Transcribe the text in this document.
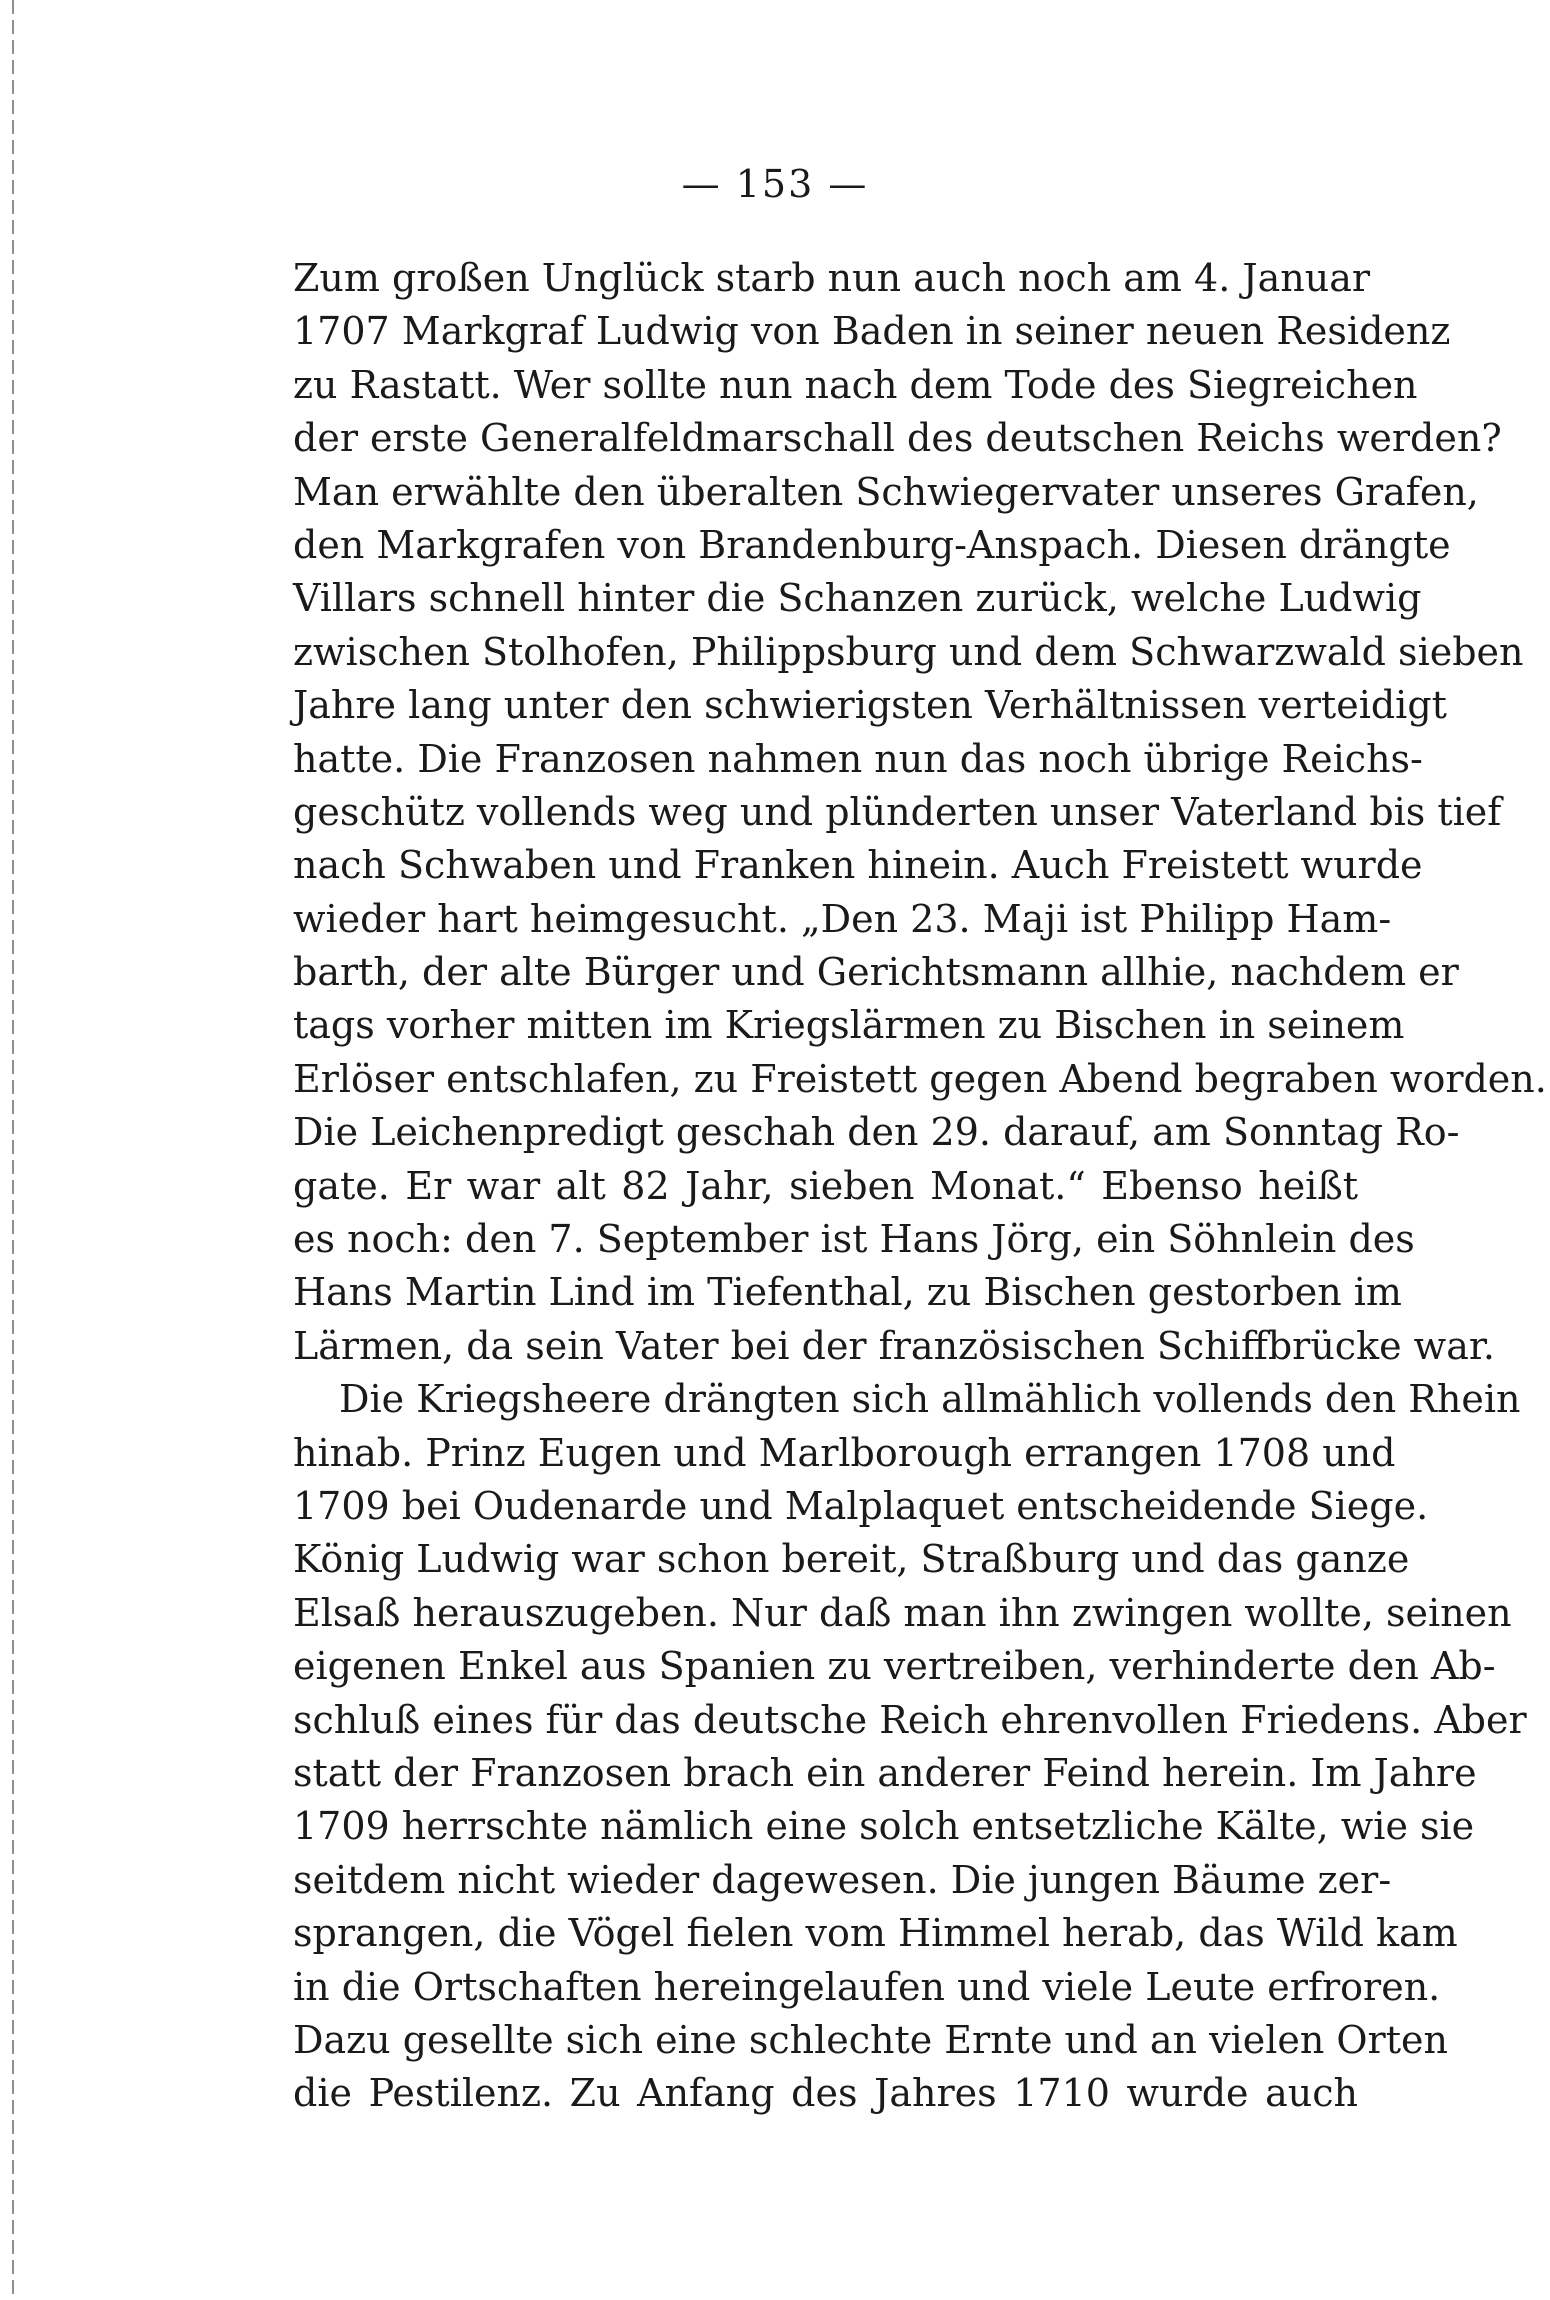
— 153 —
Zum großen Unglück starb nun auch noch am 4. Januar
1707 Markgraf Ludwig von Baden in seiner neuen Residenz
zu Rastatt. Wer sollte nun nach dem Tode des Siegreichen
der erste Generalfeldmarschall des deutschen Reichs werden?
Man erwählte den überalten Schwiegervater unseres Grafen,
den Markgrafen von Brandenburg-Anspach. Diesen drängte
Villars schnell hinter die Schanzen zurück, welche Ludwig
zwischen Stolhofen, Philippsburg und dem Schwarzwald sieben
Jahre lang unter den schwierigsten Verhältnissen verteidigt
hatte. Die Franzosen nahmen nun das noch übrige Reichs-
geschütz vollends weg und plünderten unser Vaterland bis tief
nach Schwaben und Franken hinein. Auch Freistett wurde
wieder hart heimgesucht. „Den 23. Maji ist Philipp Ham-
barth, der alte Bürger und Gerichtsmann allhie, nachdem er
tags vorher mitten im Kriegslärmen zu Bischen in seinem
Erlöser entschlafen, zu Freistett gegen Abend begraben worden.
Die Leichenpredigt geschah den 29. darauf, am Sonntag Ro-
gate. Er war alt 82 Jahr, sieben Monat.“ Ebenso heißt
es noch: den 7. September ist Hans Jörg, ein Söhnlein des
Hans Martin Lind im Tiefenthal, zu Bischen gestorben im
Lärmen, da sein Vater bei der französischen Schiffbrücke war.
Die Kriegsheere drängten sich allmählich vollends den Rhein
hinab. Prinz Eugen und Marlborough errangen 1708 und
1709 bei Oudenarde und Malplaquet entscheidende Siege.
König Ludwig war schon bereit, Straßburg und das ganze
Elsaß herauszugeben. Nur daß man ihn zwingen wollte, seinen
eigenen Enkel aus Spanien zu vertreiben, verhinderte den Ab-
schluß eines für das deutsche Reich ehrenvollen Friedens. Aber
statt der Franzosen brach ein anderer Feind herein. Im Jahre
1709 herrschte nämlich eine solch entsetzliche Kälte, wie sie
seitdem nicht wieder dagewesen. Die jungen Bäume zer-
sprangen, die Vögel fielen vom Himmel herab, das Wild kam
in die Ortschaften hereingelaufen und viele Leute erfroren.
Dazu gesellte sich eine schlechte Ernte und an vielen Orten
die Pestilenz. Zu Anfang des Jahres 1710 wurde auch
